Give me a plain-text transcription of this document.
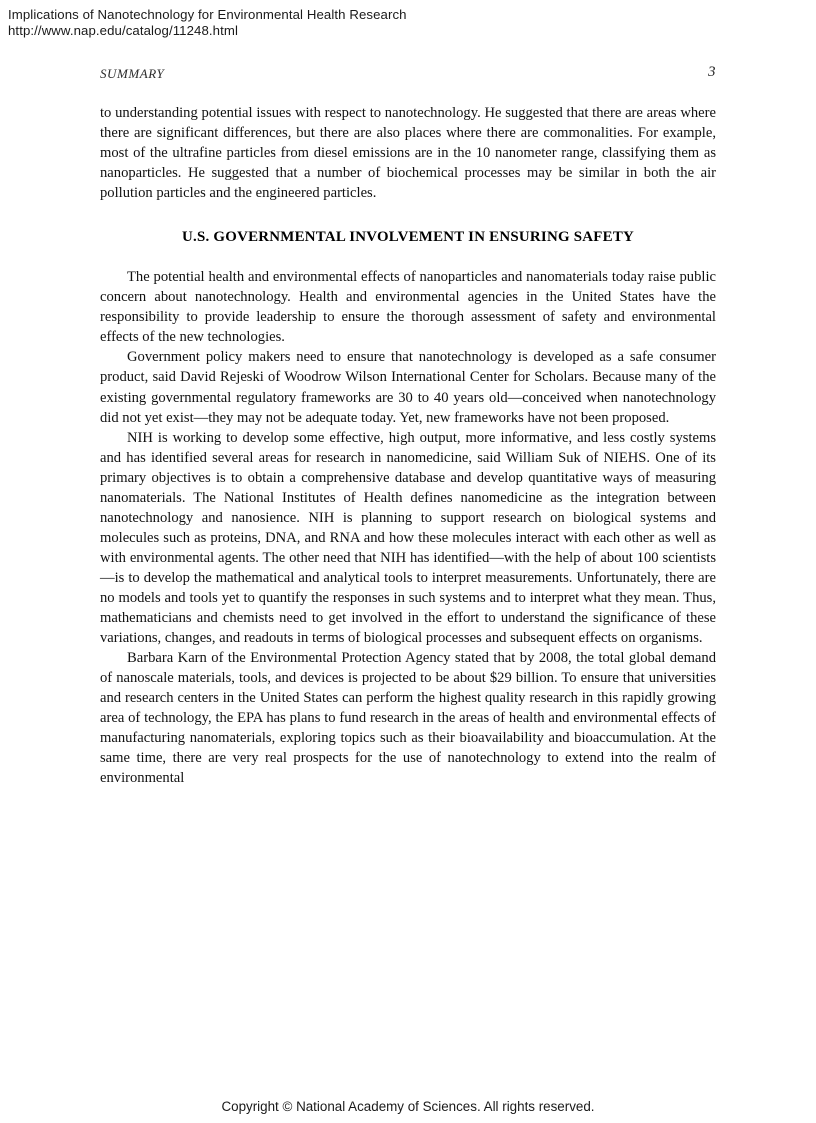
Implications of Nanotechnology for Environmental Health Research
http://www.nap.edu/catalog/11248.html
SUMMARY	3

to understanding potential issues with respect to nanotechnology. He suggested that there are areas where there are significant differences, but there are also places where there are commonalities. For example, most of the ultrafine particles from diesel emissions are in the 10 nanometer range, classifying them as nanoparticles. He suggested that a number of biochemical processes may be similar in both the air pollution particles and the engineered particles.

U.S. GOVERNMENTAL INVOLVEMENT IN ENSURING SAFETY

The potential health and environmental effects of nanoparticles and nanomaterials today raise public concern about nanotechnology. Health and environmental agencies in the United States have the responsibility to provide leadership to ensure the thorough assessment of safety and environmental effects of the new technologies.

Government policy makers need to ensure that nanotechnology is developed as a safe consumer product, said David Rejeski of Woodrow Wilson International Center for Scholars. Because many of the existing governmental regulatory frameworks are 30 to 40 years old—conceived when nanotechnology did not yet exist—they may not be adequate today. Yet, new frameworks have not been proposed.

NIH is working to develop some effective, high output, more informative, and less costly systems and has identified several areas for research in nanomedicine, said William Suk of NIEHS. One of its primary objectives is to obtain a comprehensive database and develop quantitative ways of measuring nanomaterials. The National Institutes of Health defines nanomedicine as the integration between nanotechnology and nanosience. NIH is planning to support research on biological systems and molecules such as proteins, DNA, and RNA and how these molecules interact with each other as well as with environmental agents. The other need that NIH has identified—with the help of about 100 scientists—is to develop the mathematical and analytical tools to interpret measurements. Unfortunately, there are no models and tools yet to quantify the responses in such systems and to interpret what they mean. Thus, mathematicians and chemists need to get involved in the effort to understand the significance of these variations, changes, and readouts in terms of biological processes and subsequent effects on organisms.

Barbara Karn of the Environmental Protection Agency stated that by 2008, the total global demand of nanoscale materials, tools, and devices is projected to be about $29 billion. To ensure that universities and research centers in the United States can perform the highest quality research in this rapidly growing area of technology, the EPA has plans to fund research in the areas of health and environmental effects of manufacturing nanomaterials, exploring topics such as their bioavailability and bioaccumulation. At the same time, there are very real prospects for the use of nanotechnology to extend into the realm of environmental

Copyright © National Academy of Sciences. All rights reserved.
